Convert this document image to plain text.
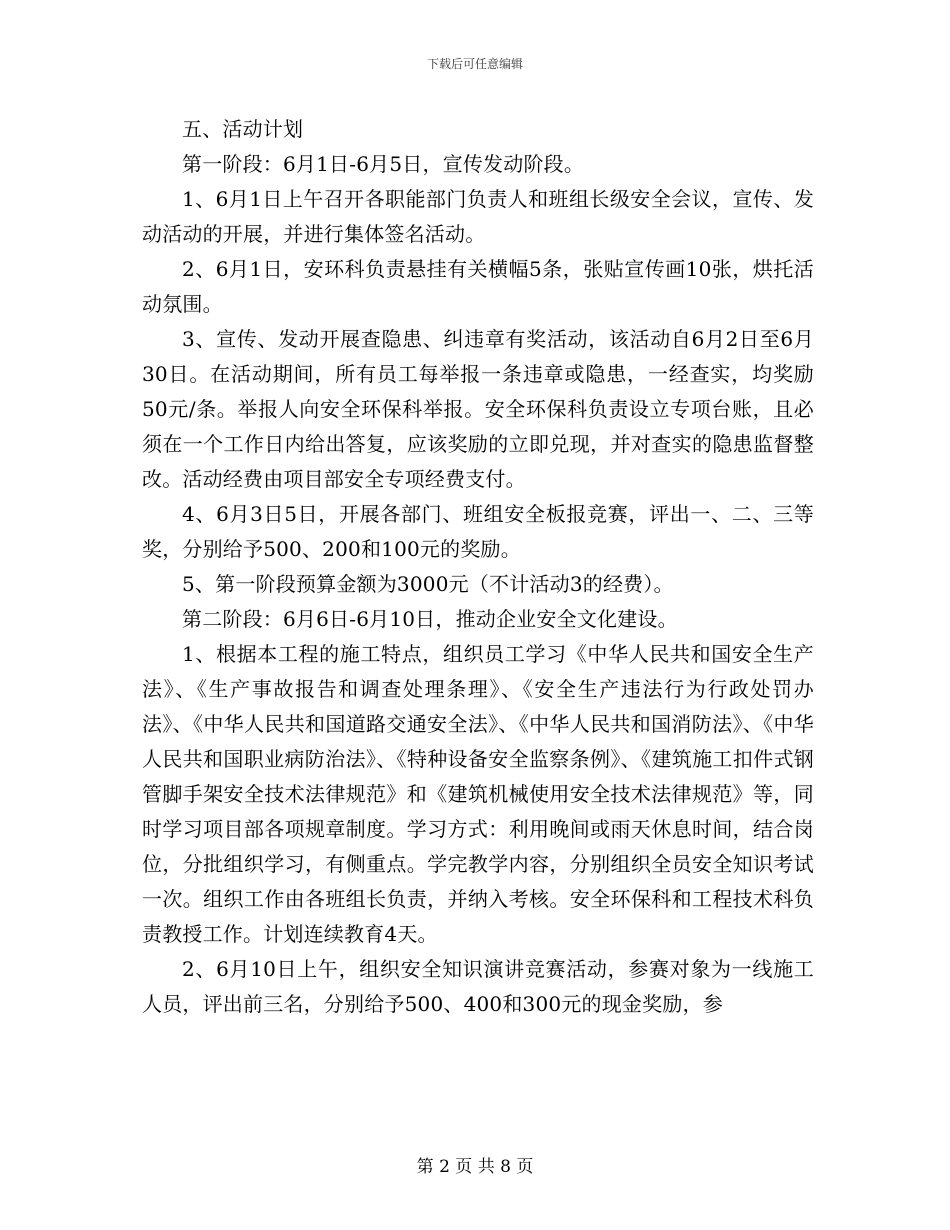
下载后可任意编辑

五、活动计划

第一阶段：6月1日-6月5日，宣传发动阶段。

1、6月1日上午召开各职能部门负责人和班组长级安全会议，宣传、发动活动的开展，并进行集体签名活动。

2、6月1日，安环科负责悬挂有关横幅5条，张贴宣传画10张，烘托活动氛围。

3、宣传、发动开展查隐患、纠违章有奖活动，该活动自6月2日至6月30日。在活动期间，所有员工每举报一条违章或隐患，一经查实，均奖励50元/条。举报人向安全环保科举报。安全环保科负责设立专项台账，且必须在一个工作日内给出答复，应该奖励的立即兑现，并对查实的隐患监督整改。活动经费由项目部安全专项经费支付。

4、6月3日5日，开展各部门、班组安全板报竞赛，评出一、二、三等奖，分别给予500、200和100元的奖励。

5、第一阶段预算金额为3000元（不计活动3的经费）。

第二阶段：6月6日-6月10日，推动企业安全文化建设。

1、根据本工程的施工特点，组织员工学习《中华人民共和国安全生产法》、《生产事故报告和调查处理条理》、《安全生产违法行为行政处罚办法》、《中华人民共和国道路交通安全法》、《中华人民共和国消防法》、《中华人民共和国职业病防治法》、《特种设备安全监察条例》、《建筑施工扣件式钢管脚手架安全技术法律规范》和《建筑机械使用安全技术法律规范》等，同时学习项目部各项规章制度。学习方式：利用晚间或雨天休息时间，结合岗位，分批组织学习，有侧重点。学完教学内容，分别组织全员安全知识考试一次。组织工作由各班组长负责，并纳入考核。安全环保科和工程技术科负责教授工作。计划连续教育4天。

2、6月10日上午，组织安全知识演讲竞赛活动，参赛对象为一线施工人员，评出前三名，分别给予500、400和300元的现金奖励，参

第 2 页 共 8 页
